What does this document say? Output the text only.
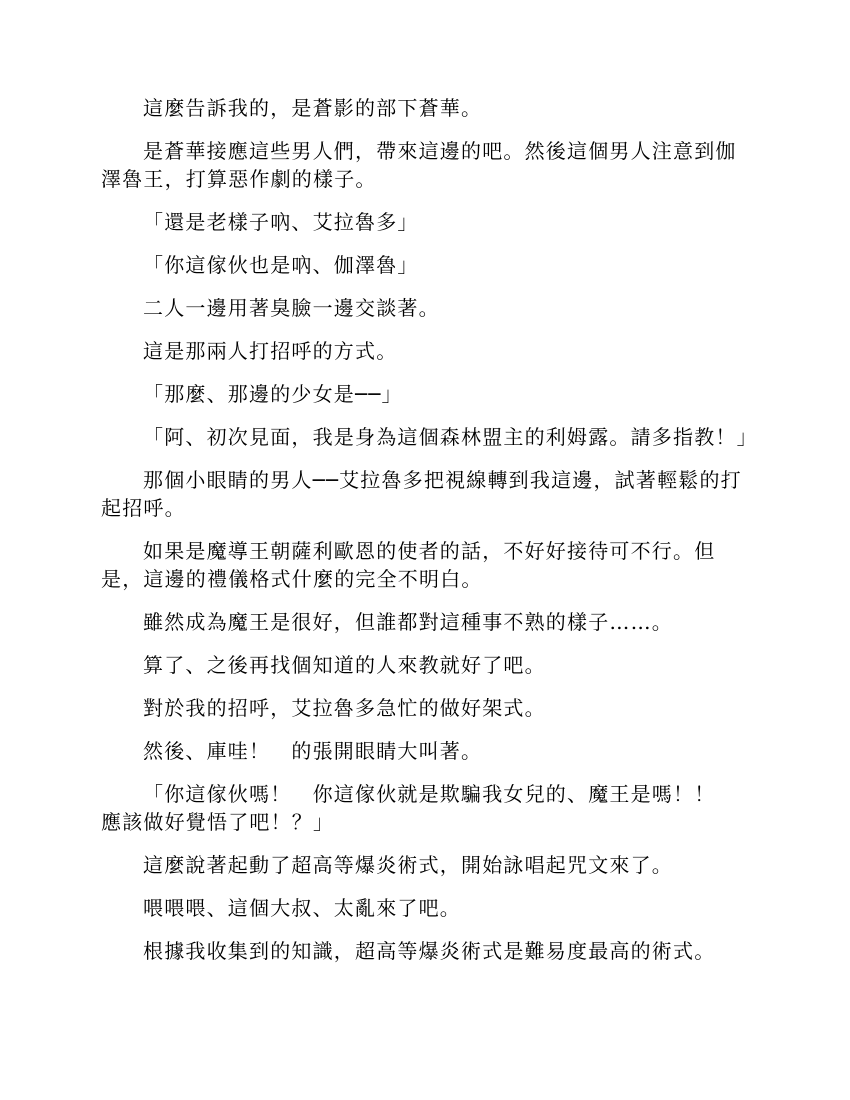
這麼告訴我的，是蒼影的部下蒼華。

是蒼華接應這些男人們，帶來這邊的吧。然後這個男人注意到伽澤魯王，打算惡作劇的樣子。

「還是老樣子吶、艾拉魯多」

「你這傢伙也是吶、伽澤魯」

二人一邊用著臭臉一邊交談著。

這是那兩人打招呼的方式。

「那麼、那邊的少女是──」

「阿、初次見面，我是身為這個森林盟主的利姆露。請多指教！」

那個小眼睛的男人──艾拉魯多把視線轉到我這邊，試著輕鬆的打起招呼。

如果是魔導王朝薩利歐恩的使者的話，不好好接待可不行。但是，這邊的禮儀格式什麼的完全不明白。

雖然成為魔王是很好，但誰都對這種事不熟的樣子……。

算了、之後再找個知道的人來教就好了吧。

對於我的招呼，艾拉魯多急忙的做好架式。

然後、庫哇！　的張開眼睛大叫著。

「你這傢伙嗎！　你這傢伙就是欺騙我女兒的、魔王是嗎！！　應該做好覺悟了吧！？」

這麼說著起動了超高等爆炎術式，開始詠唱起咒文來了。

喂喂喂、這個大叔、太亂來了吧。

根據我收集到的知識，超高等爆炎術式是難易度最高的術式。
